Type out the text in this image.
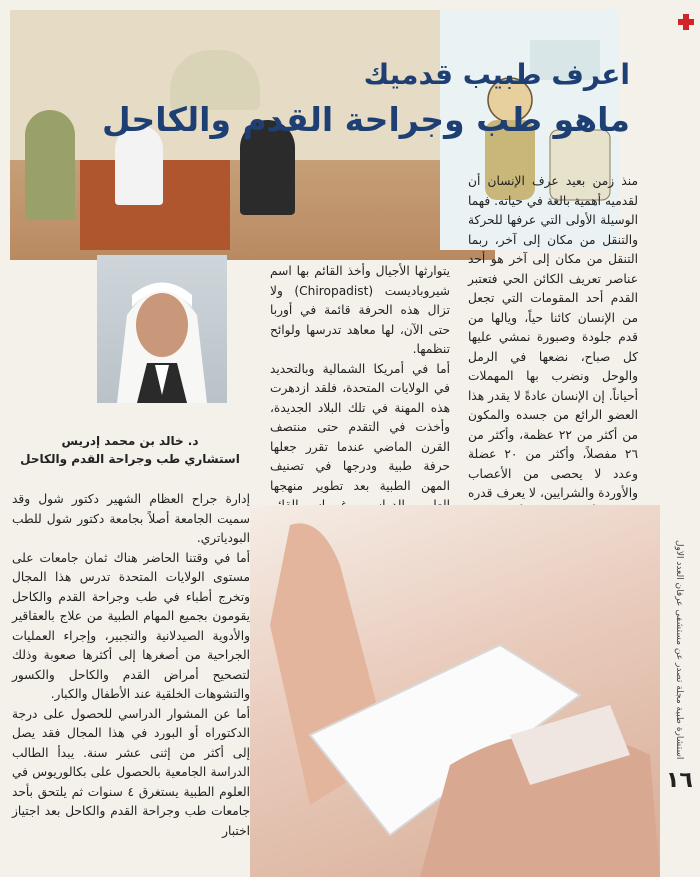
اعرف طبيب قدميك
ماهو طب وجراحة القدم والكاحل

منذ زمن بعيد عرف الإنسان أن لقدميه أهمية بالغة في حياته. فهما الوسيلة الأولى التي عرفها للحركة والتنقل من مكان إلى آخر، ربما التنقل من مكان إلى آخر هو أحد عناصر تعريف الكائن الحي فتعتبر القدم أحد المقومات التي تجعل من الإنسان كائنا حياً، ويالها من قدم جلودة وصبورة نمشي عليها كل صباح، نضعها في الرمل والوحل ونضرب بها المهملات أحياناً. إن الإنسان عادةً لا يقدر هذا العضو الرائع من جسده والمكون من أكثر من ٢٢ عظمة، وأكثر من ٢٦ مفصلاً، وأكثر من ٢٠ عضلة وعدد لا يحصى من الأعصاب والأوردة والشرايين، لا يعرف قدره

يتوارثها الأجيال وأخذ القائم بها اسم شيروباديست (Chiropadist) ولا تزال هذه الحرفة قائمة في أوربا حتى الآن، لها معاهد تدرسها ولوائح تنظمها.

أما في أمريكا الشمالية وبالتحديد في الولايات المتحدة، فلقد ازدهرت هذه المهنة في تلك البلاد الجديدة، وأخذت في التقدم حتى منتصف القرن الماضي عندما تقرر جعلها حرفة طبية ودرجها في تصنيف المهن الطبية بعد تطوير منهجها

د. خالد بن محمد إدريس
استشاري طب وجراحة القدم والكاحل

إدارة جراح العظام الشهير دكتور شول وقد سميت الجامعة أصلاً بجامعة دكتور شول للطب البودياتري.

أما في وقتنا الحاضر هناك ثمان جامعات على مستوى الولايات المتحدة تدرس هذا المجال وتخرج أطباء في طب وجراحة القدم والكاحل يقومون بجميع المهام الطبية من علاج بالعقاقير والأدوية الصيدلانية والتجبير، وإجراء العمليات الجراحية من أصغرها إلى أكثرها صعوبة وذلك لتصحيح أمراض القدم والكاحل والكسور والتشوهات الخلقية عند الأطفال والكبار.

أما عن المشوار الدراسي للحصول على درجة الدكتوراه أو البورد في هذا المجال فقد يصل إلى أكثر من إثنى عشر سنة. يبدأ الطالب الدراسة الجامعية بالحصول على بكالوريوس في العلوم الطبية يستغرق ٤ سنوات ثم يلتحق بأحد جامعات طب وجراحة القدم والكاحل بعد اجتياز اختبار

استشارة طبية مجلة تصدر عن مستشفى عرفان العدد الأول
١٦
